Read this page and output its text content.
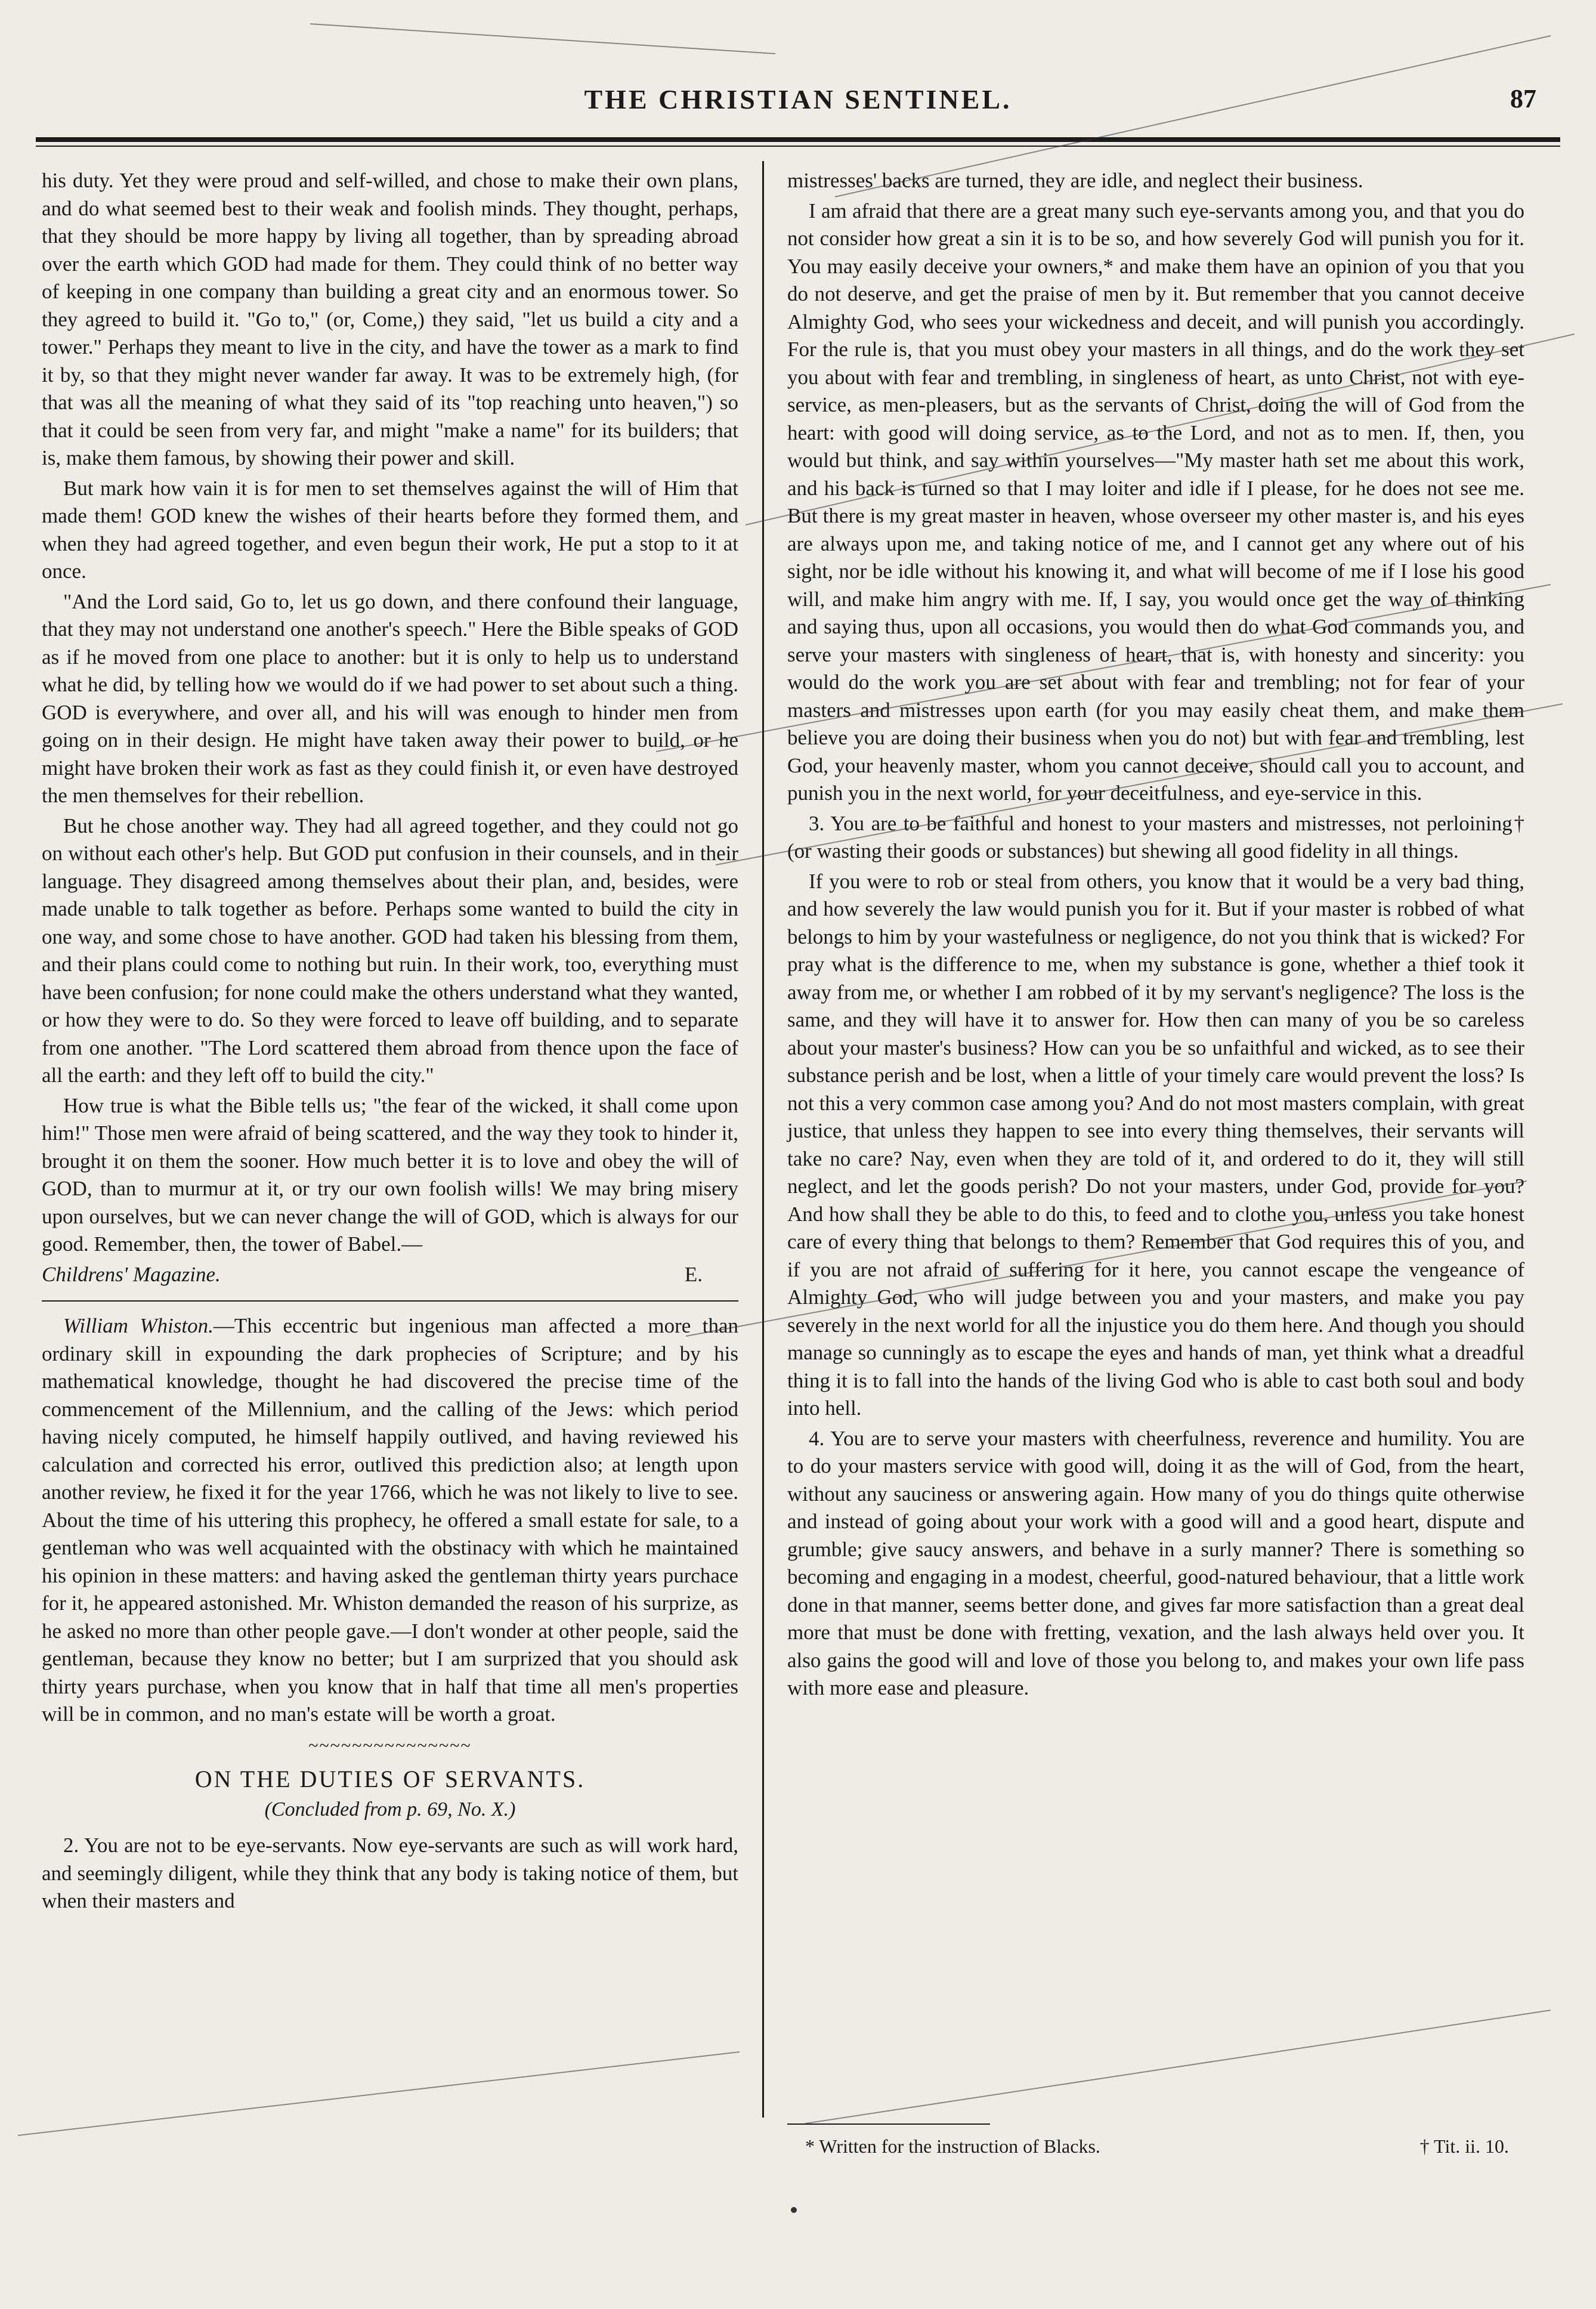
THE CHRISTIAN SENTINEL.	87

his duty. Yet they were proud and self-willed, and chose to make their own plans, and do what seemed best to their weak and foolish minds. They thought, perhaps, that they should be more happy by living all together, than by spreading abroad over the earth which GOD had made for them. They could think of no better way of keeping in one company than building a great city and an enormous tower. So they agreed to build it. "Go to," (or, Come,) they said, "let us build a city and a tower." Perhaps they meant to live in the city, and have the tower as a mark to find it by, so that they might never wander far away. It was to be extremely high, (for that was all the meaning of what they said of its "top reaching unto heaven,") so that it could be seen from very far, and might "make a name" for its builders; that is, make them famous, by showing their power and skill.

But mark how vain it is for men to set themselves against the will of Him that made them! GOD knew the wishes of their hearts before they formed them, and when they had agreed together, and even begun their work, He put a stop to it at once.

"And the Lord said, Go to, let us go down, and there confound their language, that they may not understand one another's speech." Here the Bible speaks of GOD as if he moved from one place to another: but it is only to help us to understand what he did, by telling how we would do if we had power to set about such a thing. GOD is everywhere, and over all, and his will was enough to hinder men from going on in their design. He might have taken away their power to build, or he might have broken their work as fast as they could finish it, or even have destroyed the men themselves for their rebellion.

But he chose another way. They had all agreed together, and they could not go on without each other's help. But GOD put confusion in their counsels, and in their language. They disagreed among themselves about their plan, and, besides, were made unable to talk together as before. Perhaps some wanted to build the city in one way, and some chose to have another. GOD had taken his blessing from them, and their plans could come to nothing but ruin. In their work, too, everything must have been confusion; for none could make the others understand what they wanted, or how they were to do. So they were forced to leave off building, and to separate from one another. "The Lord scattered them abroad from thence upon the face of all the earth: and they left off to build the city."

How true is what the Bible tells us; "the fear of the wicked, it shall come upon him!" Those men were afraid of being scattered, and the way they took to hinder it, brought it on them the sooner. How much better it is to love and obey the will of GOD, than to murmur at it, or try our own foolish wills! We may bring misery upon ourselves, but we can never change the will of GOD, which is always for our good. Remember, then, the tower of Babel.—

Childrens' Magazine.	E.

William Whiston.—This eccentric but ingenious man affected a more than ordinary skill in expounding the dark prophecies of Scripture; and by his mathematical knowledge, thought he had discovered the precise time of the commencement of the Millennium, and the calling of the Jews: which period having nicely computed, he himself happily outlived, and having reviewed his calculation and corrected his error, outlived this prediction also; at length upon another review, he fixed it for the year 1766, which he was not likely to live to see. About the time of his uttering this prophecy, he offered a small estate for sale, to a gentleman who was well acquainted with the obstinacy with which he maintained his opinion in these matters: and having asked the gentleman thirty years purchace for it, he appeared astonished. Mr. Whiston demanded the reason of his surprize, as he asked no more than other people gave.—I don't wonder at other people, said the gentleman, because they know no better; but I am surprized that you should ask thirty years purchase, when you know that in half that time all men's properties will be in common, and no man's estate will be worth a groat.

~~~~~~~~~~~~~~~
ON THE DUTIES OF SERVANTS.
(Concluded from p. 69, No. X.)

2. You are not to be eye-servants. Now eye-servants are such as will work hard, and seemingly diligent, while they think that any body is taking notice of them, but when their masters and

mistresses' backs are turned, they are idle, and neglect their business.

I am afraid that there are a great many such eye-servants among you, and that you do not consider how great a sin it is to be so, and how severely God will punish you for it. You may easily deceive your owners,* and make them have an opinion of you that you do not deserve, and get the praise of men by it. But remember that you cannot deceive Almighty God, who sees your wickedness and deceit, and will punish you accordingly. For the rule is, that you must obey your masters in all things, and do the work they set you about with fear and trembling, in singleness of heart, as unto Christ, not with eye-service, as men-pleasers, but as the servants of Christ, doing the will of God from the heart: with good will doing service, as to the Lord, and not as to men. If, then, you would but think, and say within yourselves—"My master hath set me about this work, and his back is turned so that I may loiter and idle if I please, for he does not see me. But there is my great master in heaven, whose overseer my other master is, and his eyes are always upon me, and taking notice of me, and I cannot get any where out of his sight, nor be idle without his knowing it, and what will become of me if I lose his good will, and make him angry with me. If, I say, you would once get the way of thinking and saying thus, upon all occasions, you would then do what God commands you, and serve your masters with singleness of heart, that is, with honesty and sincerity: you would do the work you are set about with fear and trembling; not for fear of your masters and mistresses upon earth (for you may easily cheat them, and make them believe you are doing their business when you do not) but with fear and trembling, lest God, your heavenly master, whom you cannot deceive, should call you to account, and punish you in the next world, for your deceitfulness, and eye-service in this.

3. You are to be faithful and honest to your masters and mistresses, not perloining† (or wasting their goods or substances) but shewing all good fidelity in all things.

If you were to rob or steal from others, you know that it would be a very bad thing, and how severely the law would punish you for it. But if your master is robbed of what belongs to him by your wastefulness or negligence, do not you think that is wicked? For pray what is the difference to me, when my substance is gone, whether a thief took it away from me, or whether I am robbed of it by my servant's negligence? The loss is the same, and they will have it to answer for. How then can many of you be so careless about your master's business? How can you be so unfaithful and wicked, as to see their substance perish and be lost, when a little of your timely care would prevent the loss? Is not this a very common case among you? And do not most masters complain, with great justice, that unless they happen to see into every thing themselves, their servants will take no care? Nay, even when they are told of it, and ordered to do it, they will still neglect, and let the goods perish? Do not your masters, under God, provide for you? And how shall they be able to do this, to feed and to clothe you, unless you take honest care of every thing that belongs to them? Remember that God requires this of you, and if you are not afraid of suffering for it here, you cannot escape the vengeance of Almighty God, who will judge between you and your masters, and make you pay severely in the next world for all the injustice you do them here. And though you should manage so cunningly as to escape the eyes and hands of man, yet think what a dreadful thing it is to fall into the hands of the living God who is able to cast both soul and body into hell.

4. You are to serve your masters with cheerfulness, reverence and humility. You are to do your masters service with good will, doing it as the will of God, from the heart, without any sauciness or answering again. How many of you do things quite otherwise and instead of going about your work with a good will and a good heart, dispute and grumble; give saucy answers, and behave in a surly manner? There is something so becoming and engaging in a modest, cheerful, good-natured behaviour, that a little work done in that manner, seems better done, and gives far more satisfaction than a great deal more that must be done with fretting, vexation, and the lash always held over you. It also gains the good will and love of those you belong to, and makes your own life pass with more ease and pleasure.

* Written for the instruction of Blacks.	† Tit. ii. 10.
